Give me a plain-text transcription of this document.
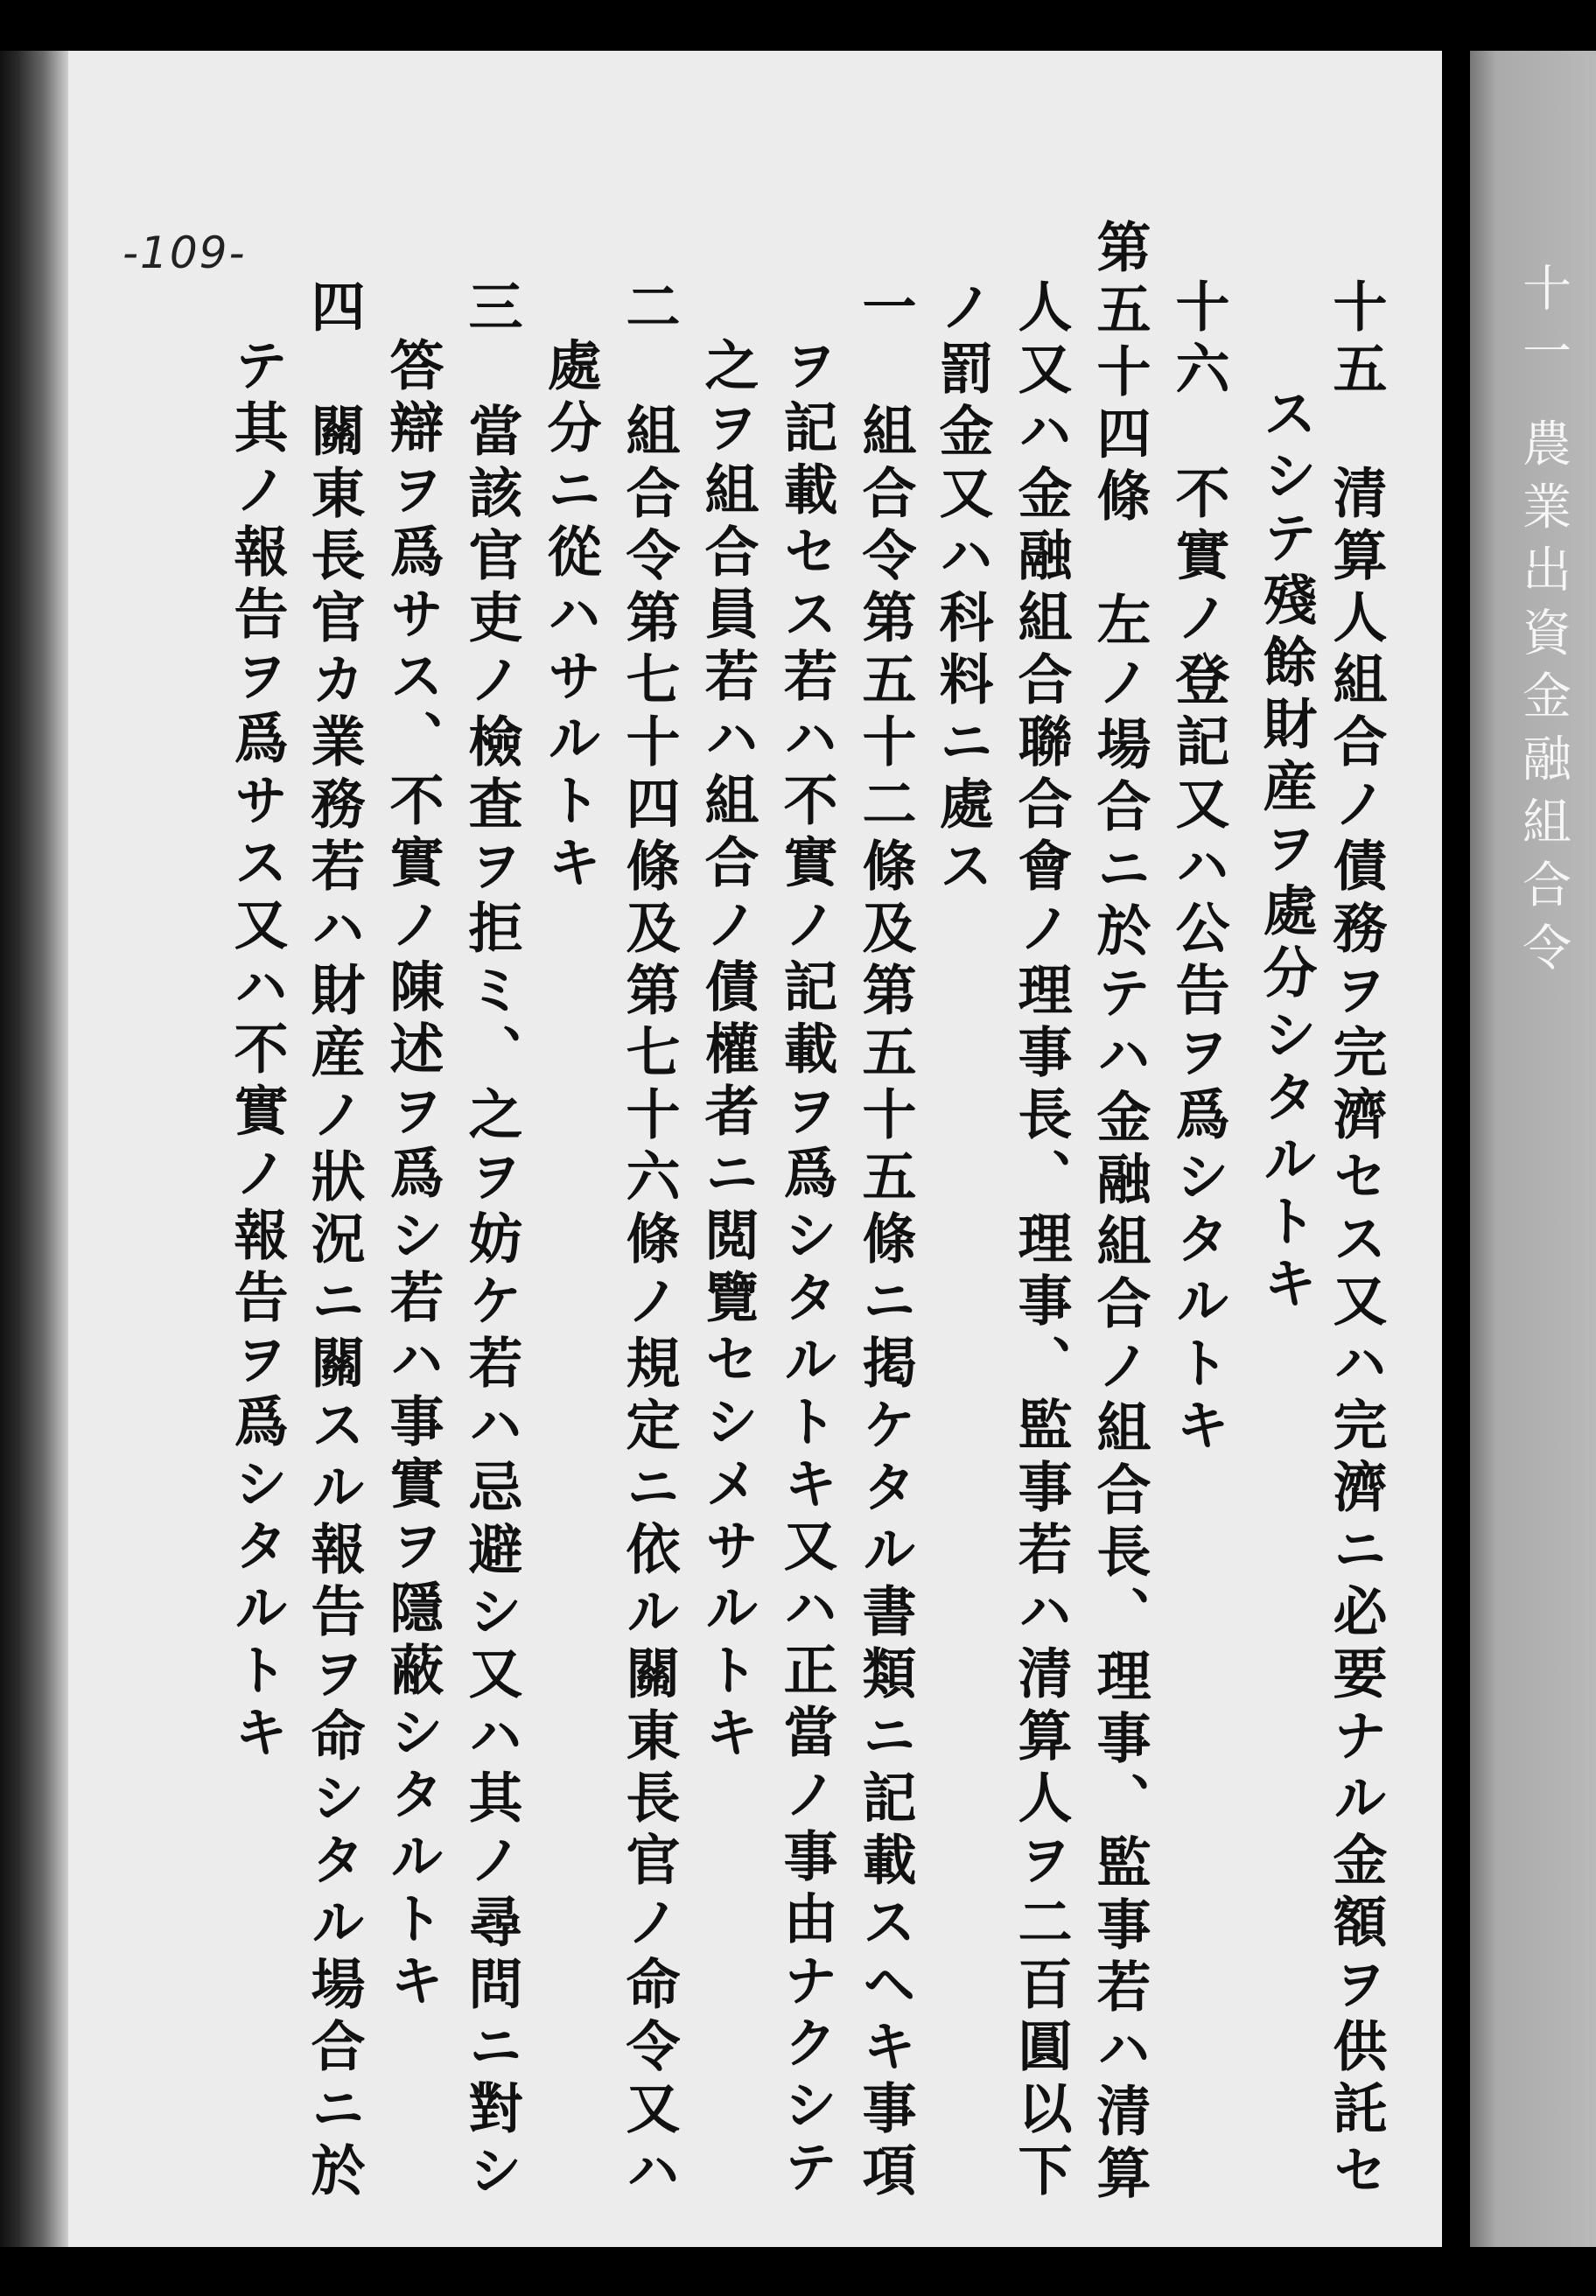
十一 農業出資金融組合令
-109-
十五　清算人組合ノ債務ヲ完濟セス又ハ完濟ニ必要ナル金額ヲ供託セ
スシテ殘餘財産ヲ處分シタルトキ
十六　不實ノ登記又ハ公告ヲ爲シタルトキ
第五十四條　左ノ場合ニ於テハ金融組合ノ組合長、理事、監事若ハ清算
人又ハ金融組合聯合會ノ理事長、理事、監事若ハ清算人ヲ二百圓以下
ノ罰金又ハ科料ニ處ス
一　組合令第五十二條及第五十五條ニ掲ケタル書類ニ記載スヘキ事項
ヲ記載セス若ハ不實ノ記載ヲ爲シタルトキ又ハ正當ノ事由ナクシテ
之ヲ組合員若ハ組合ノ債權者ニ閲覽セシメサルトキ
二　組合令第七十四條及第七十六條ノ規定ニ依ル關東長官ノ命令又ハ
處分ニ從ハサルトキ
三　當該官吏ノ檢査ヲ拒ミ、之ヲ妨ケ若ハ忌避シ又ハ其ノ尋問ニ對シ
答辯ヲ爲サス、不實ノ陳述ヲ爲シ若ハ事實ヲ隱蔽シタルトキ
四　關東長官カ業務若ハ財産ノ狀況ニ關スル報告ヲ命シタル場合ニ於
テ其ノ報告ヲ爲サス又ハ不實ノ報告ヲ爲シタルトキ
